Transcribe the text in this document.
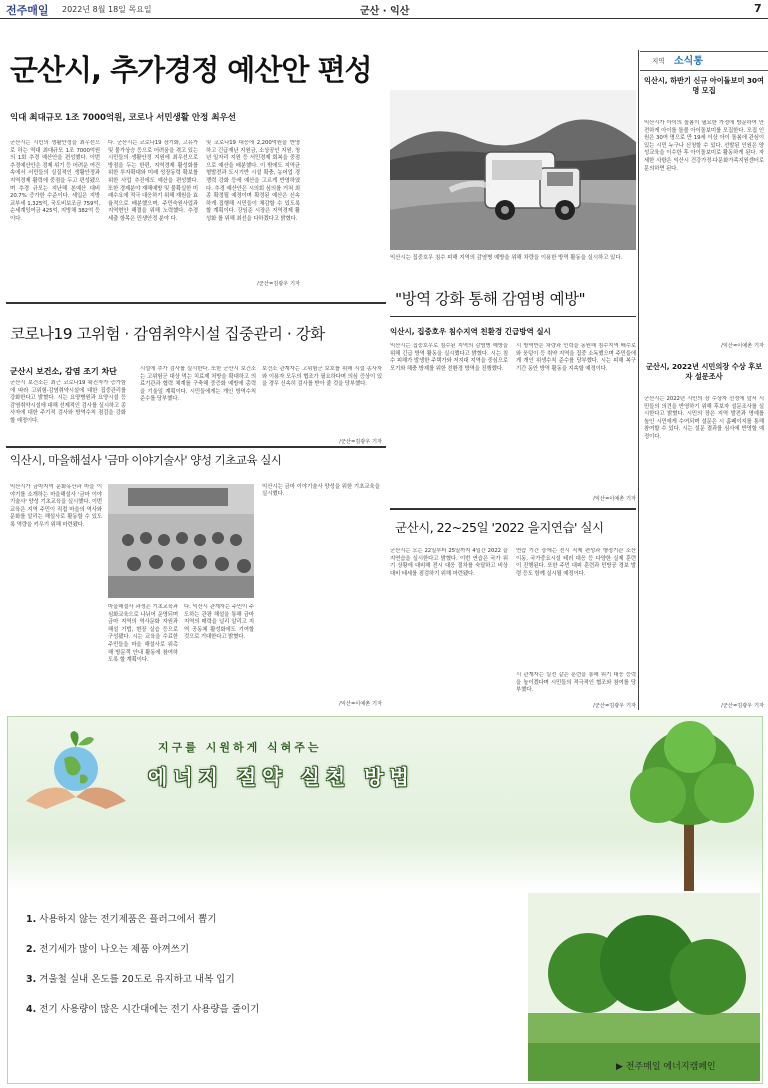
전주매일 2022년 8월 18일 목요일	군산 · 익산	7
군산시, 추가경정 예산안 편성
익대 최대규모 1조 7000억원, 코로나 서민생활 안정 최우선
군산시는 시민의 생활안정을 최우선으로 하는 역대 최대규모 1조 7000억원의 1회 추경 예산안을 편성했다. 이번 추경예산안은 경제 위기 등 어려운 여건 속에서 서민들의 실질적인 생활안정과 지역경제 활력에 중점을 두고 편성됐으며 추경 규모는 지난해 본예산 대비 20.7% 증가한 수준이다. 세입은 지방교부세 1,325억, 국도비보조금 759억, 순세계잉여금 425억, 지방채 382억 등이다.
다. 군산시는 코로나19 장기화, 고유가 및 물가상승 등으로 어려움을 겪고 있는 시민들의 생활안정 지원에 최우선으로 방점을 두는 한편, 지역경제 활성화를 위한 투자확대와 미래 성장동력 확보를 위한 사업 추진에도 예산을 편성했다. 또한 경제분야 재해예방 및 불확실한 미래수요에 적극 대응하기 위해 재원을 효율적으로 배분했으며, 주민숙원사업과 지역현안 해결을 위해 노력했다. 추경 세출 항목은 민생안정 분야 다.
및 코로나19 대응에 2,200억원을 반영하고 긴급재난 지원금, 소상공인 지원, 청년 일자리 지원 등 서민경제 회복을 중점으로 예산을 배분했다. 이 밖에도 지역균형발전과 도시기반 시설 확충, 농어업 경쟁력 강화 등에 예산을 고르게 반영하였다. 추경 예산안은 시의회 심의를 거쳐 최종 확정될 예정이며 확정된 예산은 신속하게 집행해 시민들이 체감할 수 있도록 할 계획이다. 강임준 시장은 지역경제 활성화 를 위해 최선을 다하겠다고 밝혔다.
/군산=김광우 기자
익산시는 집중호우 침수 피해 지역의 감염병 예방을 위해 차량을 이용한 방역 활동을 실시하고 있다.
"방역 강화 통해 감염병 예방"
익산시, 집중호우 침수지역 친환경 긴급방역 실시
익산시는 집중호우로 침수된 지역의 감염병 예방을 위해 긴급 방역 활동을 실시했다고 밝혔다. 시는 침수 피해가 발생한 주택가와 저지대 지역을 중심으로 모기와 해충 방제를 위한 친환경 방역을 진행했다.
시 방역반은 차량과 인력을 동원해 침수지역 배수로와 웅덩이 등 취약 지역을 집중 소독했으며 주민들에게 개인 위생수칙 준수를 당부했다. 시는 피해 복구 기간 동안 방역 활동을 지속할 예정이다.
/익산=이예촌 기자
코로나19 고위험 · 감염취약시설 집중관리 · 강화
군산시 보건소, 감염 조기 차단
군산시 보건소는 최근 코로나19 확진자가 증가함에 따라 고위험·감염취약시설에 대한 집중관리를 강화한다고 밝혔다. 시는 요양병원과 요양시설 등 감염취약시설에 대해 선제적인 검사를 실시하고 종사자에 대한 주기적 검사와 방역수칙 점검을 강화할 예정이다.
시설에 추가 검사를 실시한다. 또한 군산시 보건소는 고위험군 대상 먹는 치료제 처방을 확대하고 의료기관과 협력 체계를 구축해 중증화 예방에 총력을 기울일 계획이다. 시민들에게는 개인 방역수칙 준수를 당부했다.
보건소 관계자는 고위험군 보호를 위해 시설 종사자와 이용자 모두의 협조가 필요하다며 의심 증상이 있을 경우 신속히 검사를 받아 줄 것을 당부했다.
/군산=김광우 기자
익산시, 마을해설사 '금마 이야기술사' 양성 기초교육 실시
익산시가 금마지역 문화유산과 마을 이야기를 소개하는 마을해설사 '금마 이야기술사' 양성 기초교육을 실시했다. 이번 교육은 지역 주민이 직접 마을의 역사와 문화를 알리는 해설사로 활동할 수 있도록 역량을 키우기 위해 마련됐다.
마을해설사 과정은 기초교육과 심화교육으로 나뉘어 운영되며 금마 지역의 역사문화 자원과 해설 기법, 현장 실습 등으로 구성됐다. 시는 교육을 수료한 주민들을 마을 해설사로 위촉해 방문객 안내 활동에 참여하도록 할 계획이다.
다. 익산시 관계자는 주민이 주도하는 관광 해설을 통해 금마 지역의 매력을 널리 알리고 지역 공동체 활성화에도 기여할 것으로 기대한다고 밝혔다.
익산시는 금마 이야기술사 양성을 위한 기초교육을 실시했다.
/익산=이예촌 기자
군산시, 22~25일 '2022 을지연습' 실시
군산시는 오는 22일부터 25일까지 4일간 2022 을지연습을 실시한다고 밝혔다. 이번 연습은 국가 위기 상황에 대비해 전시 대응 절차를 숙달하고 비상대비 태세를 점검하기 위해 마련됐다.
연습 기간 중에는 전시 직제 편성과 행정기관 소산 이동, 국가중요시설 테러 대응 등 다양한 실제 훈련이 진행된다. 또한 주민 대피 훈련과 민방공 경보 발령 등도 함께 실시될 예정이다.
시 관계자는 실전 같은 훈련을 통해 위기 대응 능력을 높이겠다며 시민들의 적극적인 협조와 참여를 당부했다.
/군산=김광우 기자
지역 소식통
익산시, 하반기 신규 아이돌보미 30여명 모집
익산시가 아이의 돌봄이 필요한 가정에 방문하여 안전하게 아이를 돌볼 아이돌보미를 모집한다. 모집 인원은 30여 명으로 만 19세 이상 아이 돌봄에 관심이 있는 시민 누구나 신청할 수 있다. 선발된 인원은 양성교육을 이수한 후 아이돌보미로 활동하게 된다. 자세한 사항은 익산시 건강가정·다문화가족지원센터로 문의하면 된다.
/익산=이예촌 기자
군산시, 2022년 시민의장 수상 후보자 설문조사
군산시는 2022년 시민의 장 수상자 선정에 앞서 시민들의 의견을 반영하기 위해 후보자 설문조사를 실시한다고 밝혔다. 시민의 장은 지역 발전과 명예를 높인 시민에게 수여되며 설문은 시 홈페이지를 통해 참여할 수 있다. 시는 설문 결과를 심사에 반영할 예정이다.
/군산=김광우 기자
지구를 시원하게 식혀주는
에너지 절약 실천 방법
1. 사용하지 않는 전기제품은 플러그에서 뽑기
2. 전기세가 많이 나오는 제품 아껴쓰기
3. 겨울철 실내 온도를 20도로 유지하고 내복 입기
4. 전기 사용량이 많은 시간대에는 전기 사용량을 줄이기
▶ 전주매일 에너지캠페인
